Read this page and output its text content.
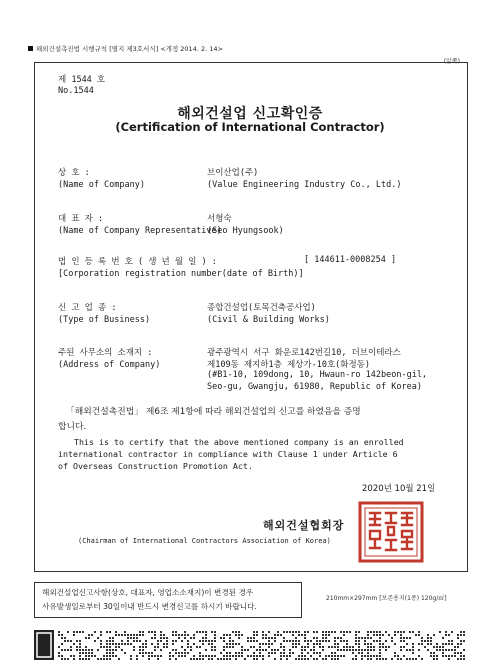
해외건설촉진법 시행규칙 [별지 제3호서식] <개정 2014. 2. 14>
(앞쪽)
제 1544 호
No.1544
해외건설업 신고확인증
(Certification of International Contractor)
상 호 :
(Name of Company)
브이산업(주)
(Value Engineering Industry Co., Ltd.)
대 표 자 :
(Name of Company Representative)
서형숙
(Seo Hyungsook)
법 인 등 록 번 호 ( 생 년 월 일 ) :	[ 144611-0008254 ]
[Corporation registration number(date of Birth)]
신 고 업 종 :
(Type of Business)
종합건설업(토목건축공사업)
(Civil & Building Works)
주된 사무소의 소재지 :
(Address of Company)
광주광역시 서구 화운로142번길10, 더브이테라스
제109동 제지하1층 제상가-10호(화정동)
(#B1-10, 109dong, 10, Hwaun-ro 142beon-gil,
Seo-gu, Gwangju, 61980, Republic of Korea)
「해외건설촉진법」 제6조 제1항에 따라 해외건설업의 신고를 하였음을 증명
합니다.
This is to certify that the above mentioned company is an enrolled
international contractor in compliance with Clause 1 under Article 6
of Overseas Construction Promotion Act.
2020년 10월 21일
해외건설협회장
(Chairman of International Contractors Association of Korea)
해외건설업신고사항(상호, 대표자, 영업소소재지)이 변경된 경우
사유발생일로부터 30일이내 반드시 변경신고를 하시기 바랍니다.
210mm×297mm [보존용지(1종) 120g/㎡]
